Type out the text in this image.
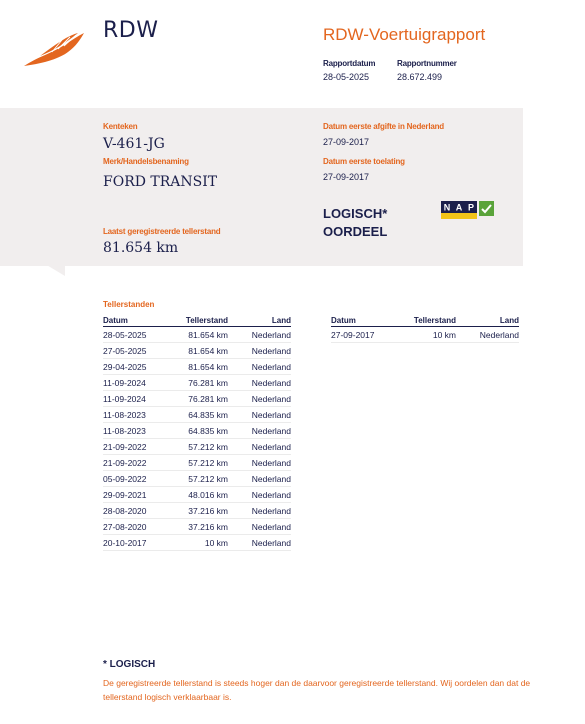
RDW	RDW-Voertuigrapport
Rapportdatum
28-05-2025
Rapportnummer
28.672.499
Kenteken
V-461-JG
Merk/Handelsbenaming
FORD TRANSIT
Laatst geregistreerde tellerstand
81.654 km
Datum eerste afgifte in Nederland
27-09-2017
Datum eerste toelating
27-09-2017
LOGISCH*
OORDEEL
N A P
Tellerstanden
Datum	Tellerstand	Land
28-05-2025	81.654 km	Nederland
27-05-2025	81.654 km	Nederland
29-04-2025	81.654 km	Nederland
11-09-2024	76.281 km	Nederland
11-09-2024	76.281 km	Nederland
11-08-2023	64.835 km	Nederland
11-08-2023	64.835 km	Nederland
21-09-2022	57.212 km	Nederland
21-09-2022	57.212 km	Nederland
05-09-2022	57.212 km	Nederland
29-09-2021	48.016 km	Nederland
28-08-2020	37.216 km	Nederland
27-08-2020	37.216 km	Nederland
20-10-2017	10 km	Nederland
Datum	Tellerstand	Land
27-09-2017	10 km	Nederland
* LOGISCH
De geregistreerde tellerstand is steeds hoger dan de daarvoor geregistreerde tellerstand. Wij oordelen dan dat de tellerstand logisch verklaarbaar is.
